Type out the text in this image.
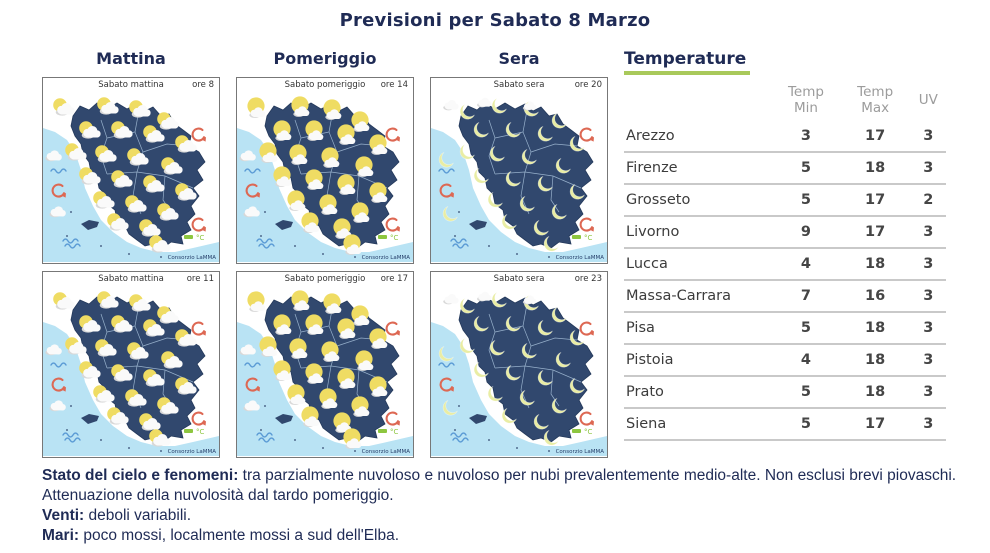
Previsioni per Sabato 8 Marzo
Mattina	Pomeriggio	Sera
Sabato mattina	ore 8	Sabato pomeriggio ore 14	Sabato sera	ore 20
Sabato mattina	ore 11	Sabato pomeriggio ore 17	Sabato sera	ore 23
Temperature
	Temp Min	Temp Max	UV
Arezzo	3	17	3
Firenze	5	18	3
Grosseto	5	17	2
Livorno	9	17	3
Lucca	4	18	3
Massa-Carrara	7	16	3
Pisa	5	18	3
Pistoia	4	18	3
Prato	5	18	3
Siena	5	17	3

Stato del cielo e fenomeni: tra parzialmente nuvoloso e nuvoloso per nubi prevalentemente medio-alte. Non esclusi brevi piovaschi. Attenuazione della nuvolosità dal tardo pomeriggio.

Venti: deboli variabili.

Mari: poco mossi, localmente mossi a sud dell'Elba.
